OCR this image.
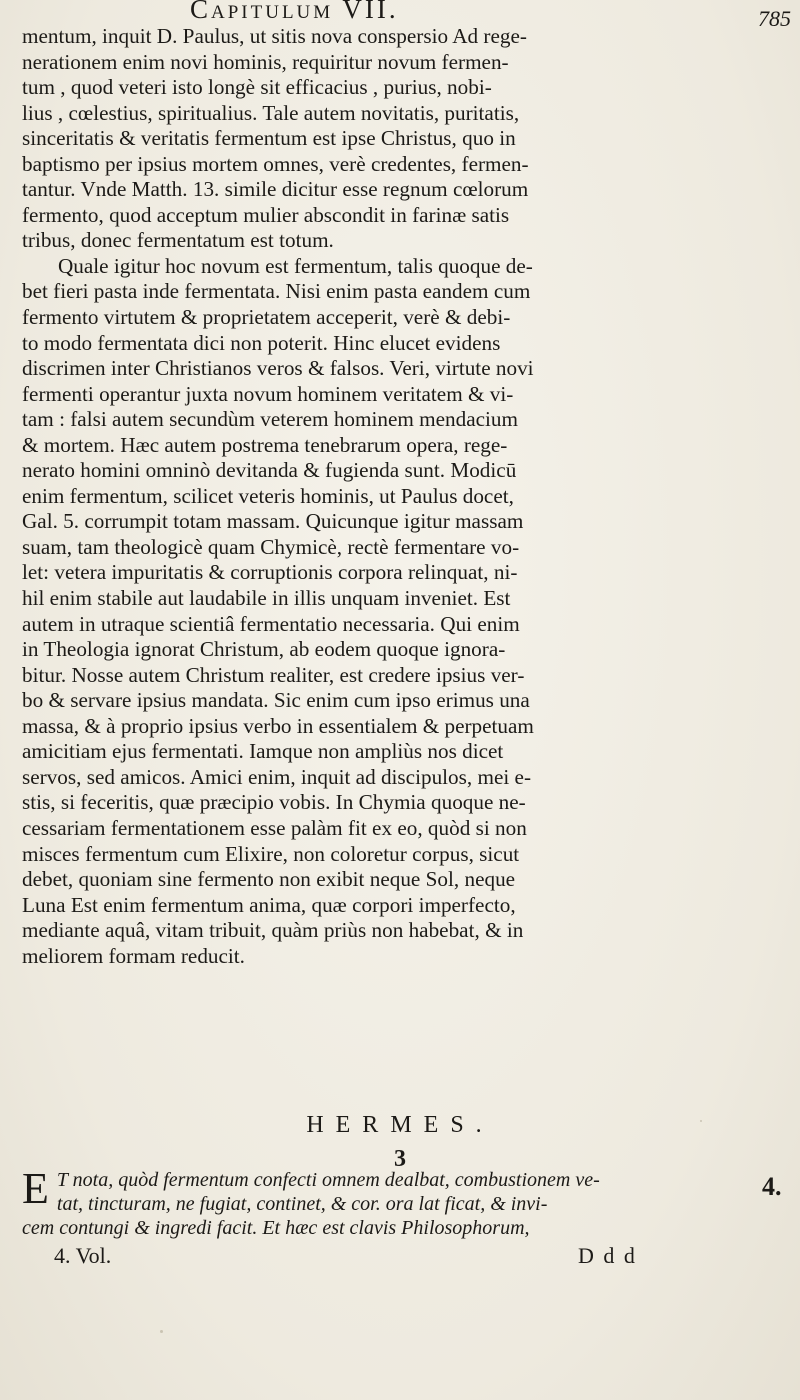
Capitulum VII.	785
mentum, inquit D. Paulus, ut sitis nova conspersio Ad rege-
nerationem enim novi hominis, requiritur novum fermen-
tum , quod veteri isto longè sit efficacius , purius, nobi-
lius , cœlestius, spiritualius. Tale autem novitatis, puritatis,
sinceritatis & veritatis fermentum est ipse Christus, quo in
baptismo per ipsius mortem omnes, verè credentes, fermen-
tantur. Vnde Matth. 13. simile dicitur esse regnum cœlorum
fermento, quod acceptum mulier abscondit in farinæ satis
tribus, donec fermentatum est totum.
Quale igitur hoc novum est fermentum, talis quoque de-
bet fieri pasta inde fermentata. Nisi enim pasta eandem cum
fermento virtutem & proprietatem acceperit, verè & debi-
to modo fermentata dici non poterit. Hinc elucet evidens
discrimen inter Christianos veros & falsos. Veri, virtute novi
fermenti operantur juxta novum hominem veritatem & vi-
tam : falsi autem secundùm veterem hominem mendacium
& mortem. Hæc autem postrema tenebrarum opera, rege-
nerato homini omninò devitanda & fugienda sunt. Modicū
enim fermentum, scilicet veteris hominis, ut Paulus docet,
Gal. 5. corrumpit totam massam. Quicunque igitur massam
suam, tam theologicè quam Chymicè, rectè fermentare vo-
let: vetera impuritatis & corruptionis corpora relinquat, ni-
hil enim stabile aut laudabile in illis unquam inveniet. Est
autem in utraque scientiâ fermentatio necessaria. Qui enim
in Theologia ignorat Christum, ab eodem quoque ignora-
bitur. Nosse autem Christum realiter, est credere ipsius ver-
bo & servare ipsius mandata. Sic enim cum ipso erimus una
massa, & à proprio ipsius verbo in essentialem & perpetuam
amicitiam ejus fermentati. Iamque non ampliùs nos dicet
servos, sed amicos. Amici enim, inquit ad discipulos, mei e-
stis, si feceritis, quæ præcipio vobis. In Chymia quoque ne-
cessariam fermentationem esse palàm fit ex eo, quòd si non
misces fermentum cum Elixire, non coloretur corpus, sicut
debet, quoniam sine fermento non exibit neque Sol, neque
Luna Est enim fermentum anima, quæ corpori imperfecto,
mediante aquâ, vitam tribuit, quàm priùs non habebat, & in
meliorem formam reducit.
HERMES.
3
E T nota, quòd fermentum confecti omnem dealbat, combustionem ve-
tat, tincturam, ne fugiat, continet, & cor. ora lat ficat, & invi-
cem contungi & ingredi facit. Et hæc est clavis Philosophorum,
4.
4. Vol.	D d d
